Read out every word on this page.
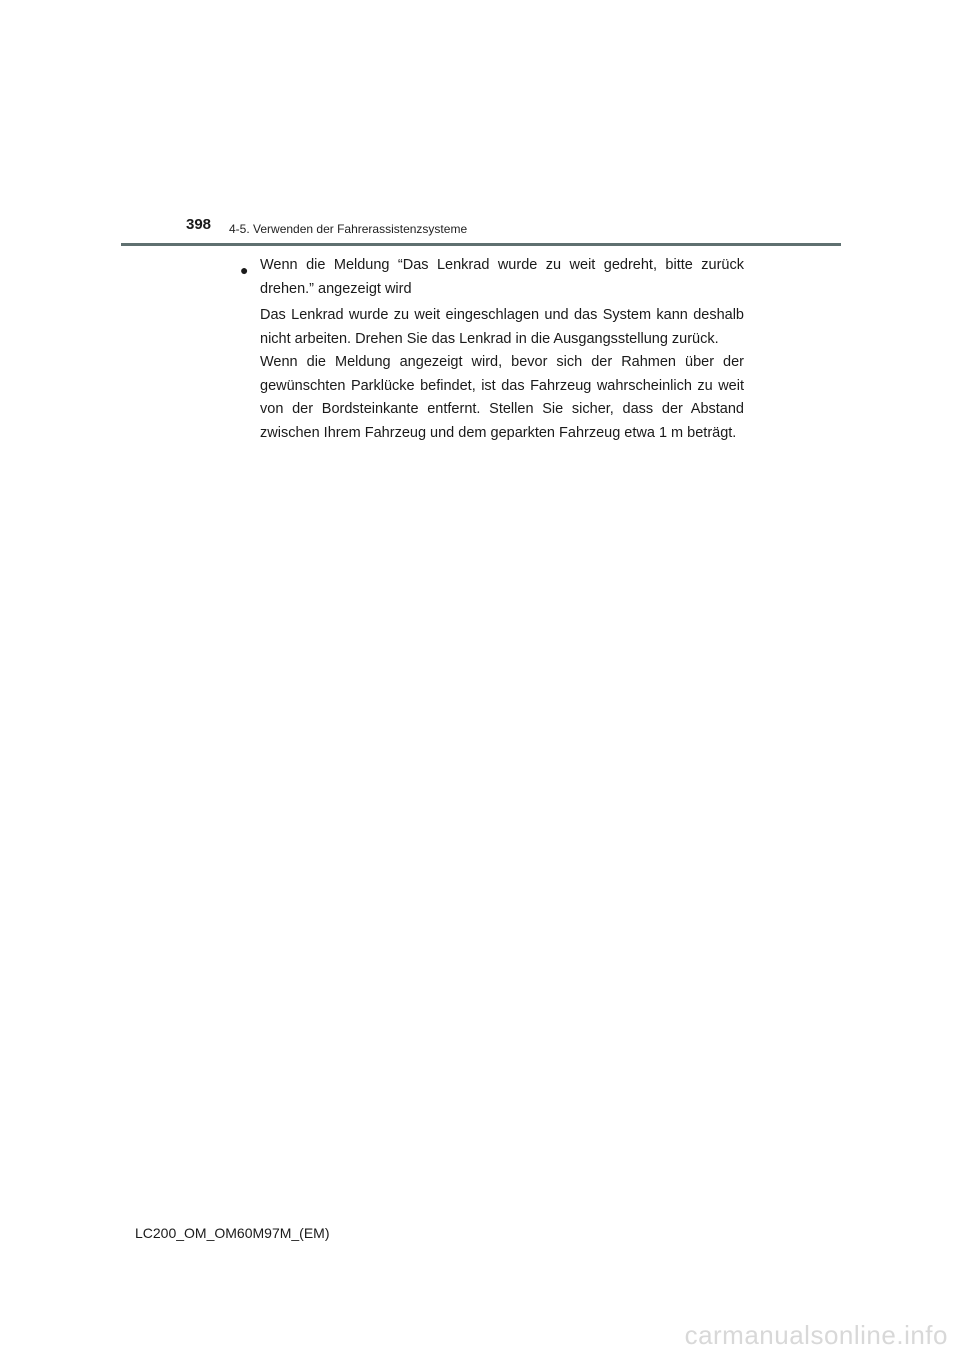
398 4-5. Verwenden der Fahrerassistenzsysteme
● Wenn die Meldung “Das Lenkrad wurde zu weit gedreht, bitte zurück drehen.” angezeigt wird

Das Lenkrad wurde zu weit eingeschlagen und das System kann deshalb nicht arbeiten. Drehen Sie das Lenkrad in die Ausgangsstellung zurück.

Wenn die Meldung angezeigt wird, bevor sich der Rahmen über der gewünschten Parklücke befindet, ist das Fahrzeug wahrscheinlich zu weit von der Bordsteinkante entfernt. Stellen Sie sicher, dass der Abstand zwischen Ihrem Fahrzeug und dem geparkten Fahrzeug etwa 1 m beträgt.

LC200_OM_OM60M97M_(EM)
carmanualsonline.info
